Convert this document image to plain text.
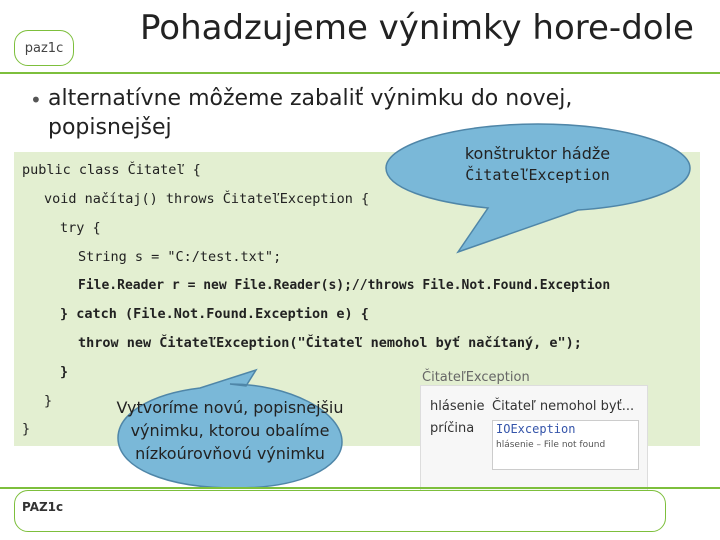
paz1c Pohadzujeme výnimky hore-dole
• alternatívne môžeme zabaliť výnimku do novej, popisnejšej
public class Čitateľ {
void načítaj() throws ČitateľException {
try {
String s = "C:/test.txt";
File.Reader r = new File.Reader(s);//throws File.Not.Found.Exception
} catch (File.Not.Found.Exception e) {
throw new ČitateľException("Čitateľ nemohol byť načítaný, e");
}
}
}
ČitateľException
hlásenie Čitateľ nemohol byť...
príčina IOException
hlásenie – File not found
konštruktor hádže
ČitateľException
Vytvoríme novú, popisnejšiu výnimku, ktorou obalíme nízkoúrovňovú výnimku
PAZ1c
